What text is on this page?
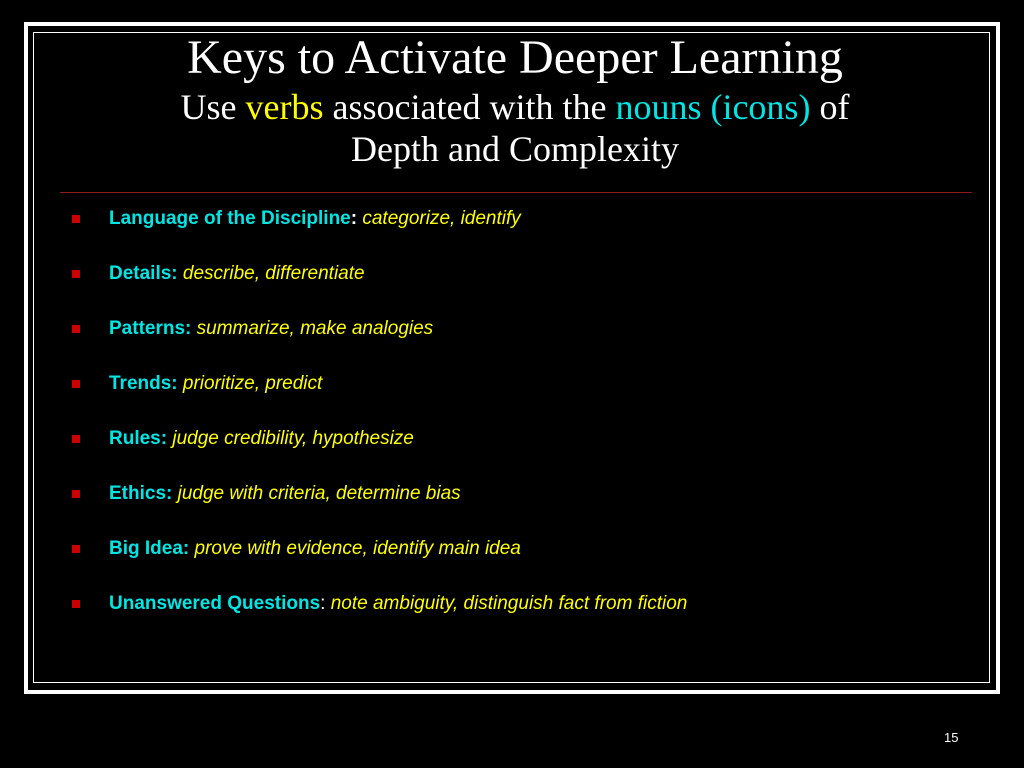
Keys to Activate Deeper Learning

Use verbs associated with the nouns (icons) of

Depth and Complexity

Language of the Discipline: categorize, identify
Details: describe, differentiate
Patterns: summarize, make analogies
Trends: prioritize, predict
Rules: judge credibility, hypothesize
Ethics: judge with criteria, determine bias
Big Idea: prove with evidence, identify main idea
Unanswered Questions: note ambiguity, distinguish fact from fiction
15
